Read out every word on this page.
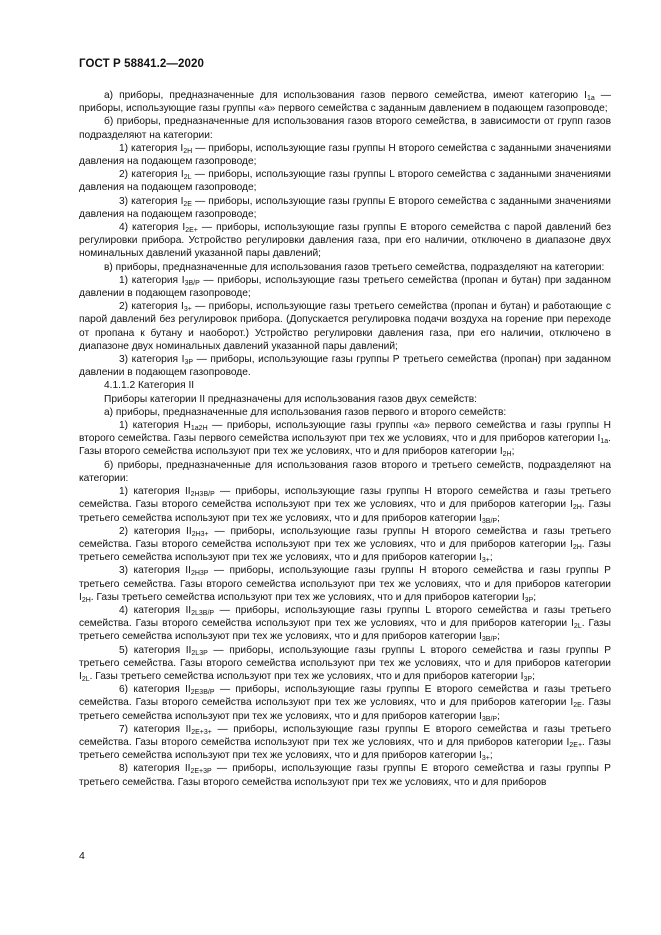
ГОСТ Р 58841.2—2020

а) приборы, предназначенные для использования газов первого семейства, имеют категорию $I_{1a}$ — приборы, использующие газы группы «а» первого семейства с заданным давлением в подающем газопроводе;

б) приборы, предназначенные для использования газов второго семейства, в зависимости от групп газов подразделяют на категории:

1) категория $I_{2H}$ — приборы, использующие газы группы Н второго семейства с заданными значениями давления на подающем газопроводе;

2) категория $I_{2L}$ — приборы, использующие газы группы L второго семейства с заданными значениями давления на подающем газопроводе;

3) категория $I_{2E}$ — приборы, использующие газы группы Е второго семейства с заданными значениями давления на подающем газопроводе;

4) категория $I_{2E+}$ — приборы, использующие газы группы Е второго семейства с парой давлений без регулировки прибора. Устройство регулировки давления газа, при его наличии, отключено в диапазоне двух номинальных давлений указанной пары давлений;

в) приборы, предназначенные для использования газов третьего семейства, подразделяют на категории:

1) категория $I_{3B/P}$ — приборы, использующие газы третьего семейства (пропан и бутан) при заданном давлении в подающем газопроводе;

2) категория $I_{3+}$ — приборы, использующие газы третьего семейства (пропан и бутан) и работающие с парой давлений без регулировок прибора. (Допускается регулировка подачи воздуха на горение при переходе от пропана к бутану и наоборот.) Устройство регулировки давления газа, при его наличии, отключено в диапазоне двух номинальных давлений указанной пары давлений;

3) категория $I_{3P}$ — приборы, использующие газы группы Р третьего семейства (пропан) при заданном давлении в подающем газопроводе.

4.1.1.2 Категория II

Приборы категории II предназначены для использования газов двух семейств:

а) приборы, предназначенные для использования газов первого и второго семейств:

1) категория $H_{1a2H}$ — приборы, использующие газы группы «а» первого семейства и газы группы Н второго семейства. Газы первого семейства используют при тех же условиях, что и для приборов категории $I_{1a}$. Газы второго семейства используют при тех же условиях, что и для приборов категории $I_{2H}$;

б) приборы, предназначенные для использования газов второго и третьего семейств, подразделяют на категории:

1) категория $II_{2H3B/P}$ — приборы, использующие газы группы Н второго семейства и газы третьего семейства. Газы второго семейства используют при тех же условиях, что и для приборов категории $I_{2H}$. Газы третьего семейства используют при тех же условиях, что и для приборов категории $I_{3B/P}$;

2) категория $II_{2H3+}$ — приборы, использующие газы группы Н второго семейства и газы третьего семейства. Газы второго семейства используют при тех же условиях, что и для приборов категории $I_{2H}$. Газы третьего семейства используют при тех же условиях, что и для приборов категории $I_{3+}$;

3) категория $II_{2H3P}$ — приборы, использующие газы группы Н второго семейства и газы группы Р третьего семейства. Газы второго семейства используют при тех же условиях, что и для приборов категории $I_{2H}$. Газы третьего семейства используют при тех же условиях, что и для приборов категории $I_{3P}$;

4) категория $II_{2L3B/P}$ — приборы, использующие газы группы L второго семейства и газы третьего семейства. Газы второго семейства используют при тех же условиях, что и для приборов категории $I_{2L}$. Газы третьего семейства используют при тех же условиях, что и для приборов категории $I_{3B/P}$;

5) категория $II_{2L3P}$ — приборы, использующие газы группы L второго семейства и газы группы Р третьего семейства. Газы второго семейства используют при тех же условиях, что и для приборов категории $I_{2L}$. Газы третьего семейства используют при тех же условиях, что и для приборов категории $I_{3P}$;

6) категория $II_{2E3B/P}$ — приборы, использующие газы группы Е второго семейства и газы третьего семейства. Газы второго семейства используют при тех же условиях, что и для приборов категории $I_{2E}$. Газы третьего семейства используют при тех же условиях, что и для приборов категории $I_{3B/P}$;

7) категория $II_{2E+3+}$ — приборы, использующие газы группы Е второго семейства и газы третьего семейства. Газы второго семейства используют при тех же условиях, что и для приборов категории $I_{2E+}$. Газы третьего семейства используют при тех же условиях, что и для приборов категории $I_{3+}$;

8) категория $II_{2E+3P}$ — приборы, использующие газы группы Е второго семейства и газы группы Р третьего семейства. Газы второго семейства используют при тех же условиях, что и для приборов

4
